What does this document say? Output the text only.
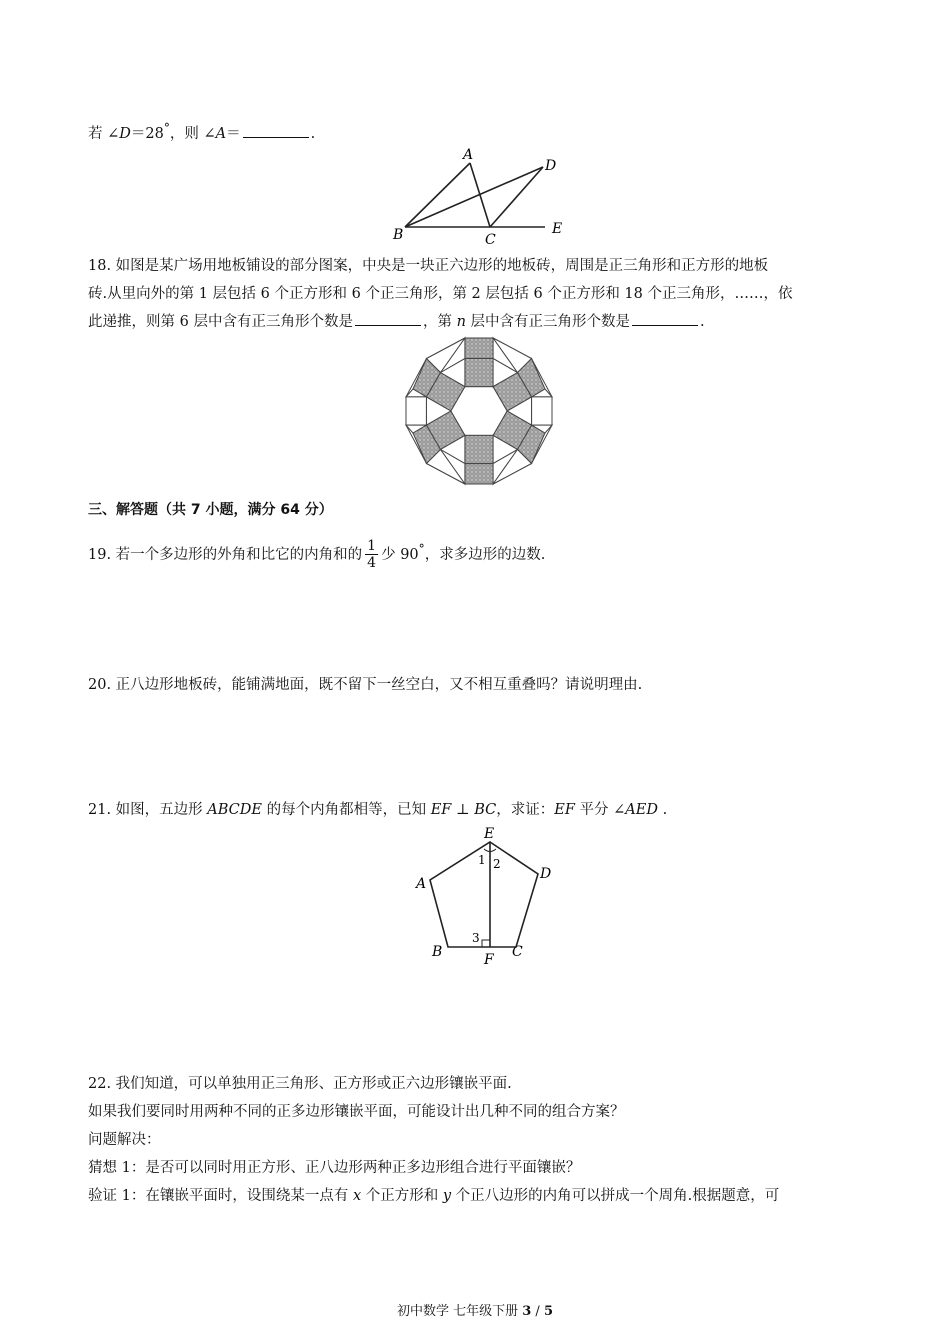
若 ∠D＝28°，则 ∠A＝	.
A
B	C
D
E
18. 如图是某广场用地板铺设的部分图案，中央是一块正六边形的地板砖，周围是正三角形和正方形的地板
砖.从里向外的第 1 层包括 6 个正方形和 6 个正三角形，第 2 层包括 6 个正方形和 18 个正三角形，……，依
此递推，则第 6 层中含有正三角形个数是	，第 n 层中含有正三角形个数是	.
三、解答题（共 7 小题，满分 64 分）
19. 若一个多边形的外角和比它的内角和的 $\frac{1}{4}$ 少 90°，求多边形的边数.
20. 正八边形地板砖，能铺满地面，既不留下一丝空白，又不相互重叠吗？请说明理由.
21. 如图，五边形 ABCDE 的每个内角都相等，已知 EF ⊥ BC，求证：EF 平分 ∠AED .
E
A
D
B	C
F
1 2
3
22. 我们知道，可以单独用正三角形、正方形或正六边形镶嵌平面.
如果我们要同时用两种不同的正多边形镶嵌平面，可能设计出几种不同的组合方案？
问题解决：
猜想 1：是否可以同时用正方形、正八边形两种正多边形组合进行平面镶嵌？
验证 1：在镶嵌平面时，设围绕某一点有 x 个正方形和 y 个正八边形的内角可以拼成一个周角.根据题意，可
初中数学 七年级下册 3 / 5
